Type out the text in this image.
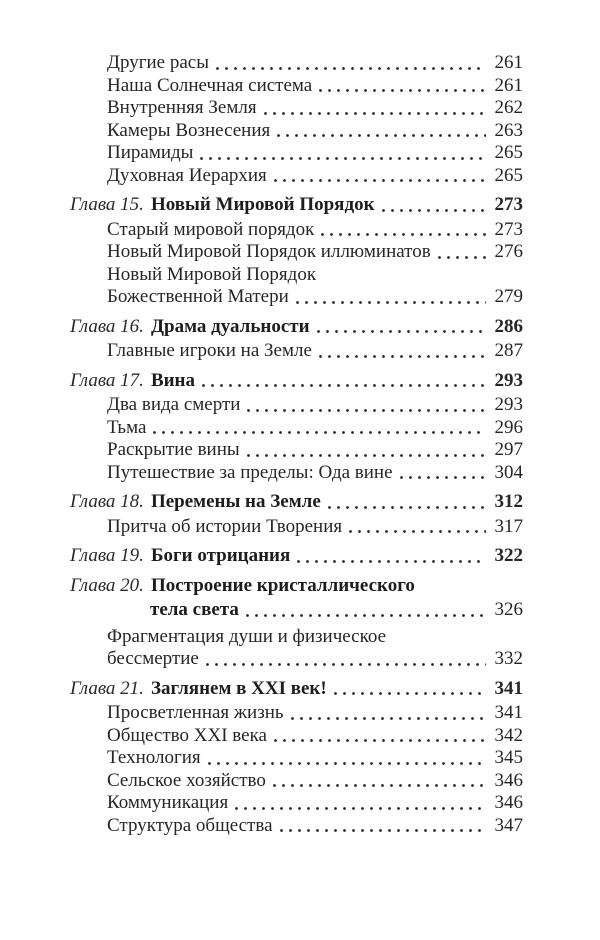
Другие расы	261
Наша Солнечная система	261
Внутренняя Земля	262
Камеры Вознесения	263
Пирамиды	265
Духовная Иерархия	265
Глава 15. Новый Мировой Порядок	273
Старый мировой порядок	273
Новый Мировой Порядок иллюминатов	276
Новый Мировой Порядок
Божественной Матери	279
Глава 16. Драма дуальности	286
Главные игроки на Земле	287
Глава 17. Вина	293
Два вида смерти	293
Тьма	296
Раскрытие вины	297
Путешествие за пределы: Ода вине	304
Глава 18. Перемены на Земле	312
Притча об истории Творения	317
Глава 19. Боги отрицания	322
Глава 20. Построение кристаллического
тела света	326
Фрагментация души и физическое
бессмертие	332
Глава 21. Заглянем в XXI век!	341
Просветленная жизнь	341
Общество XXI века	342
Технология	345
Сельское хозяйство	346
Коммуникация	346
Структура общества	347
